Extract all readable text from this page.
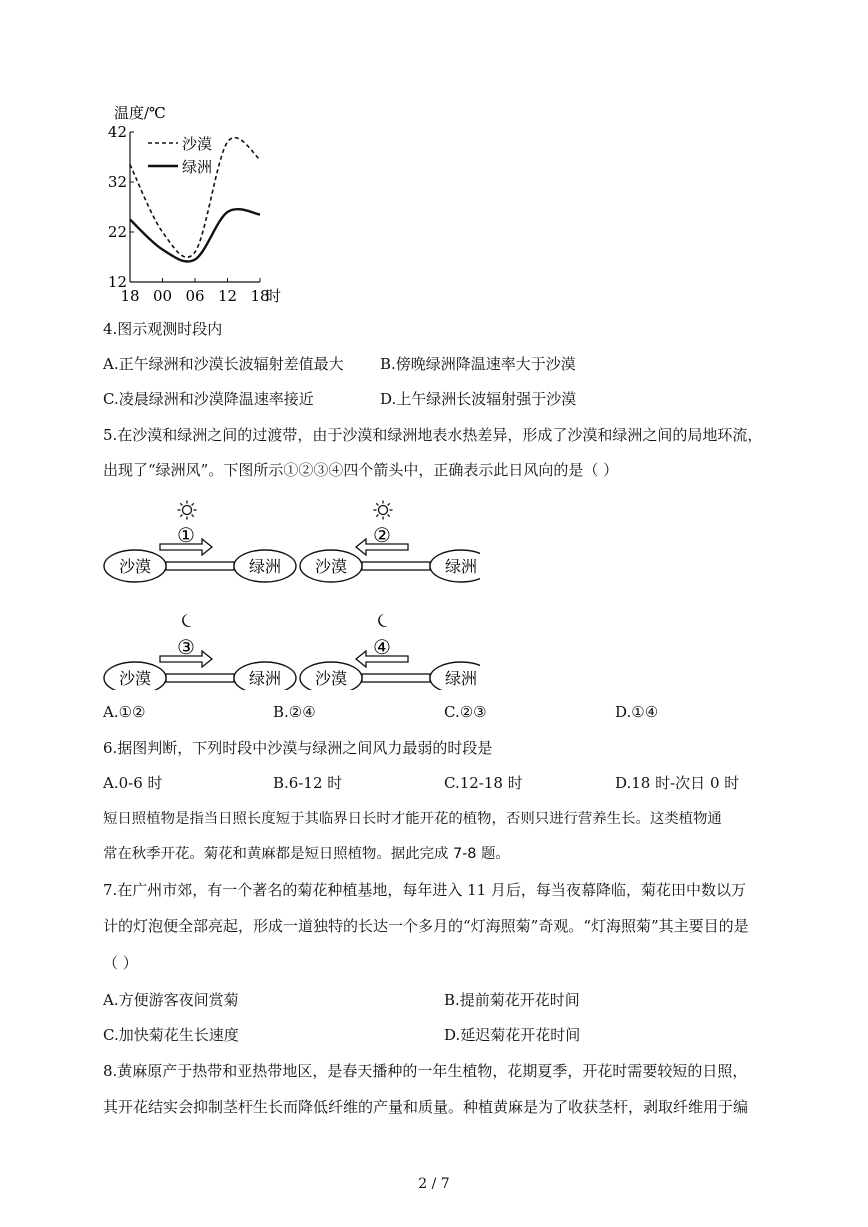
温度/℃
12
22
32
42
18 00 06 12 18
沙漠
绿洲
时
4.图示观测时段内
A.正午绿洲和沙漠长波辐射差值最大 B.傍晚绿洲降温速率大于沙漠
C.凌晨绿洲和沙漠降温速率接近	D.上午绿洲长波辐射强于沙漠
5.在沙漠和绿洲之间的过渡带，由于沙漠和绿洲地表水热差异，形成了沙漠和绿洲之间的局地环流，
出现了“绿洲风”。下图所示①②③④四个箭头中，正确表示此日风向的是（ ）
①
沙漠	绿洲
②
沙漠	绿洲
③
沙漠	绿洲
④
沙漠	绿洲
A.①②	B.②④	C.②③	D.①④
6.据图判断，下列时段中沙漠与绿洲之间风力最弱的时段是
A.0-6 时	B.6-12 时	C.12-18 时	D.18 时-次日 0 时
短日照植物是指当日照长度短于其临界日长时才能开花的植物，否则只进行营养生长。这类植物通
常在秋季开花。菊花和黄麻都是短日照植物。据此完成 7-8 题。
7.在广州市郊，有一个著名的菊花种植基地，每年进入 11 月后，每当夜幕降临，菊花田中数以万
计的灯泡便全部亮起，形成一道独特的长达一个多月的“灯海照菊”奇观。“灯海照菊”其主要目的是
（ ）
A.方便游客夜间赏菊	B.提前菊花开花时间
C.加快菊花生长速度	D.延迟菊花开花时间
8.黄麻原产于热带和亚热带地区，是春天播种的一年生植物，花期夏季，开花时需要较短的日照，
其开花结实会抑制茎杆生长而降低纤维的产量和质量。种植黄麻是为了收获茎杆，剥取纤维用于编
2 / 7
